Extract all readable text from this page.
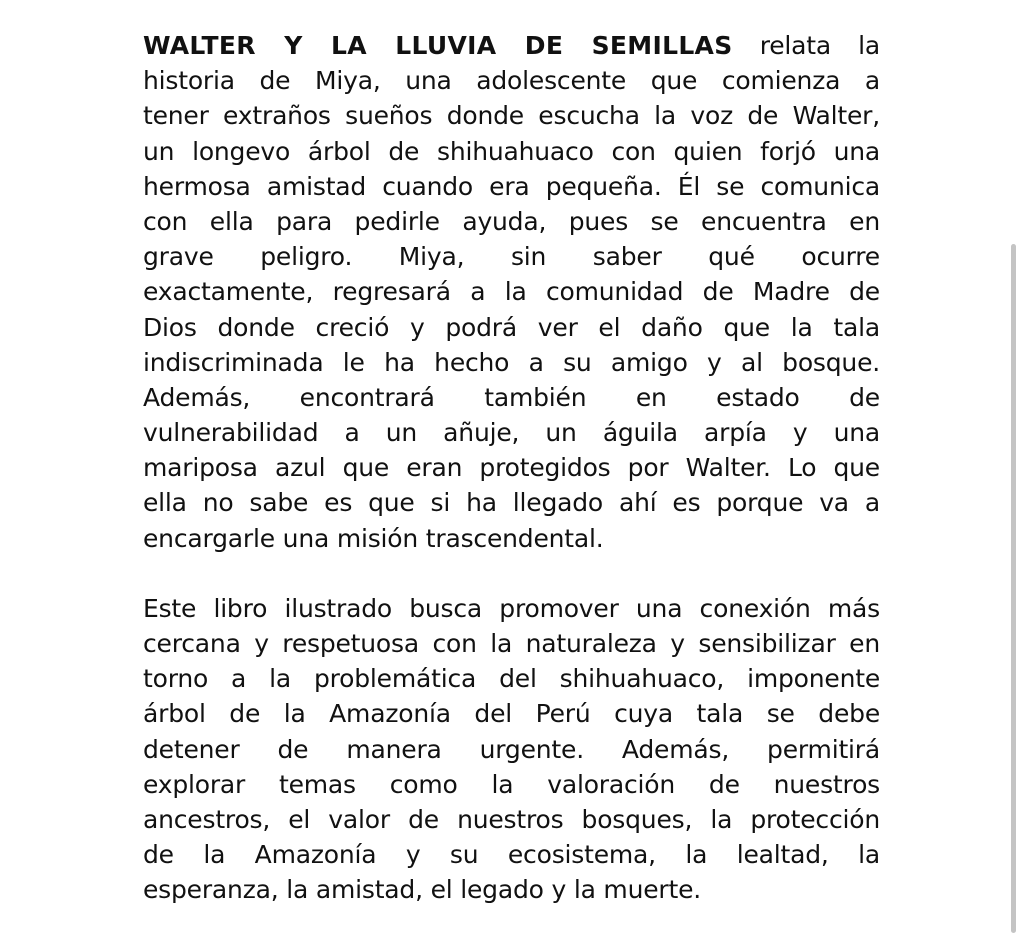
WALTER Y LA LLUVIA DE SEMILLAS relata la
historia de Miya, una adolescente que comienza a
tener extraños sueños donde escucha la voz de Walter,
un longevo árbol de shihuahuaco con quien forjó una
hermosa amistad cuando era pequeña. Él se comunica
con ella para pedirle ayuda, pues se encuentra en
grave peligro. Miya, sin saber qué ocurre
exactamente, regresará a la comunidad de Madre de
Dios donde creció y podrá ver el daño que la tala
indiscriminada le ha hecho a su amigo y al bosque.
Además, encontrará también en estado de
vulnerabilidad a un añuje, un águila arpía y una
mariposa azul que eran protegidos por Walter. Lo que
ella no sabe es que si ha llegado ahí es porque va a
encargarle una misión trascendental.
Este libro ilustrado busca promover una conexión más
cercana y respetuosa con la naturaleza y sensibilizar en
torno a la problemática del shihuahuaco, imponente
árbol de la Amazonía del Perú cuya tala se debe
detener de manera urgente. Además, permitirá
explorar temas como la valoración de nuestros
ancestros, el valor de nuestros bosques, la protección
de la Amazonía y su ecosistema, la lealtad, la
esperanza, la amistad, el legado y la muerte.
